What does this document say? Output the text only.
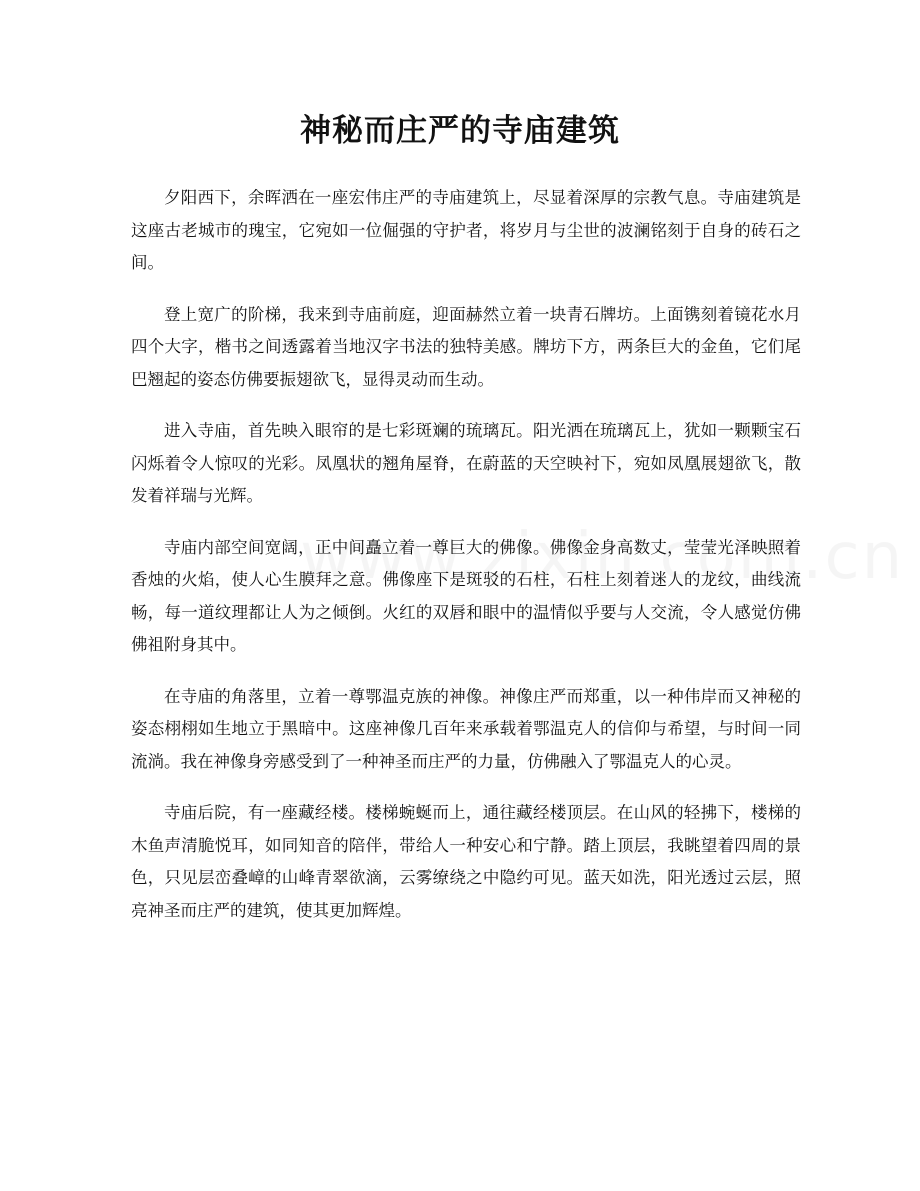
神秘而庄严的寺庙建筑

夕阳西下，余晖洒在一座宏伟庄严的寺庙建筑上，尽显着深厚的宗教气息。寺庙建筑是这座古老城市的瑰宝，它宛如一位倔强的守护者，将岁月与尘世的波澜铭刻于自身的砖石之间。

登上宽广的阶梯，我来到寺庙前庭，迎面赫然立着一块青石牌坊。上面镌刻着镜花水月四个大字，楷书之间透露着当地汉字书法的独特美感。牌坊下方，两条巨大的金鱼，它们尾巴翘起的姿态仿佛要振翅欲飞，显得灵动而生动。

进入寺庙，首先映入眼帘的是七彩斑斓的琉璃瓦。阳光洒在琉璃瓦上，犹如一颗颗宝石闪烁着令人惊叹的光彩。凤凰状的翘角屋脊，在蔚蓝的天空映衬下，宛如凤凰展翅欲飞，散发着祥瑞与光辉。

寺庙内部空间宽阔，正中间矗立着一尊巨大的佛像。佛像金身高数丈，莹莹光泽映照着香烛的火焰，使人心生膜拜之意。佛像座下是斑驳的石柱，石柱上刻着迷人的龙纹，曲线流畅，每一道纹理都让人为之倾倒。火红的双唇和眼中的温情似乎要与人交流，令人感觉仿佛佛祖附身其中。

在寺庙的角落里，立着一尊鄂温克族的神像。神像庄严而郑重，以一种伟岸而又神秘的姿态栩栩如生地立于黑暗中。这座神像几百年来承载着鄂温克人的信仰与希望，与时间一同流淌。我在神像身旁感受到了一种神圣而庄严的力量，仿佛融入了鄂温克人的心灵。

寺庙后院，有一座藏经楼。楼梯蜿蜒而上，通往藏经楼顶层。在山风的轻拂下，楼梯的木鱼声清脆悦耳，如同知音的陪伴，带给人一种安心和宁静。踏上顶层，我眺望着四周的景色，只见层峦叠嶂的山峰青翠欲滴，云雾缭绕之中隐约可见。蓝天如洗，阳光透过云层，照亮神圣而庄严的建筑，使其更加辉煌。
